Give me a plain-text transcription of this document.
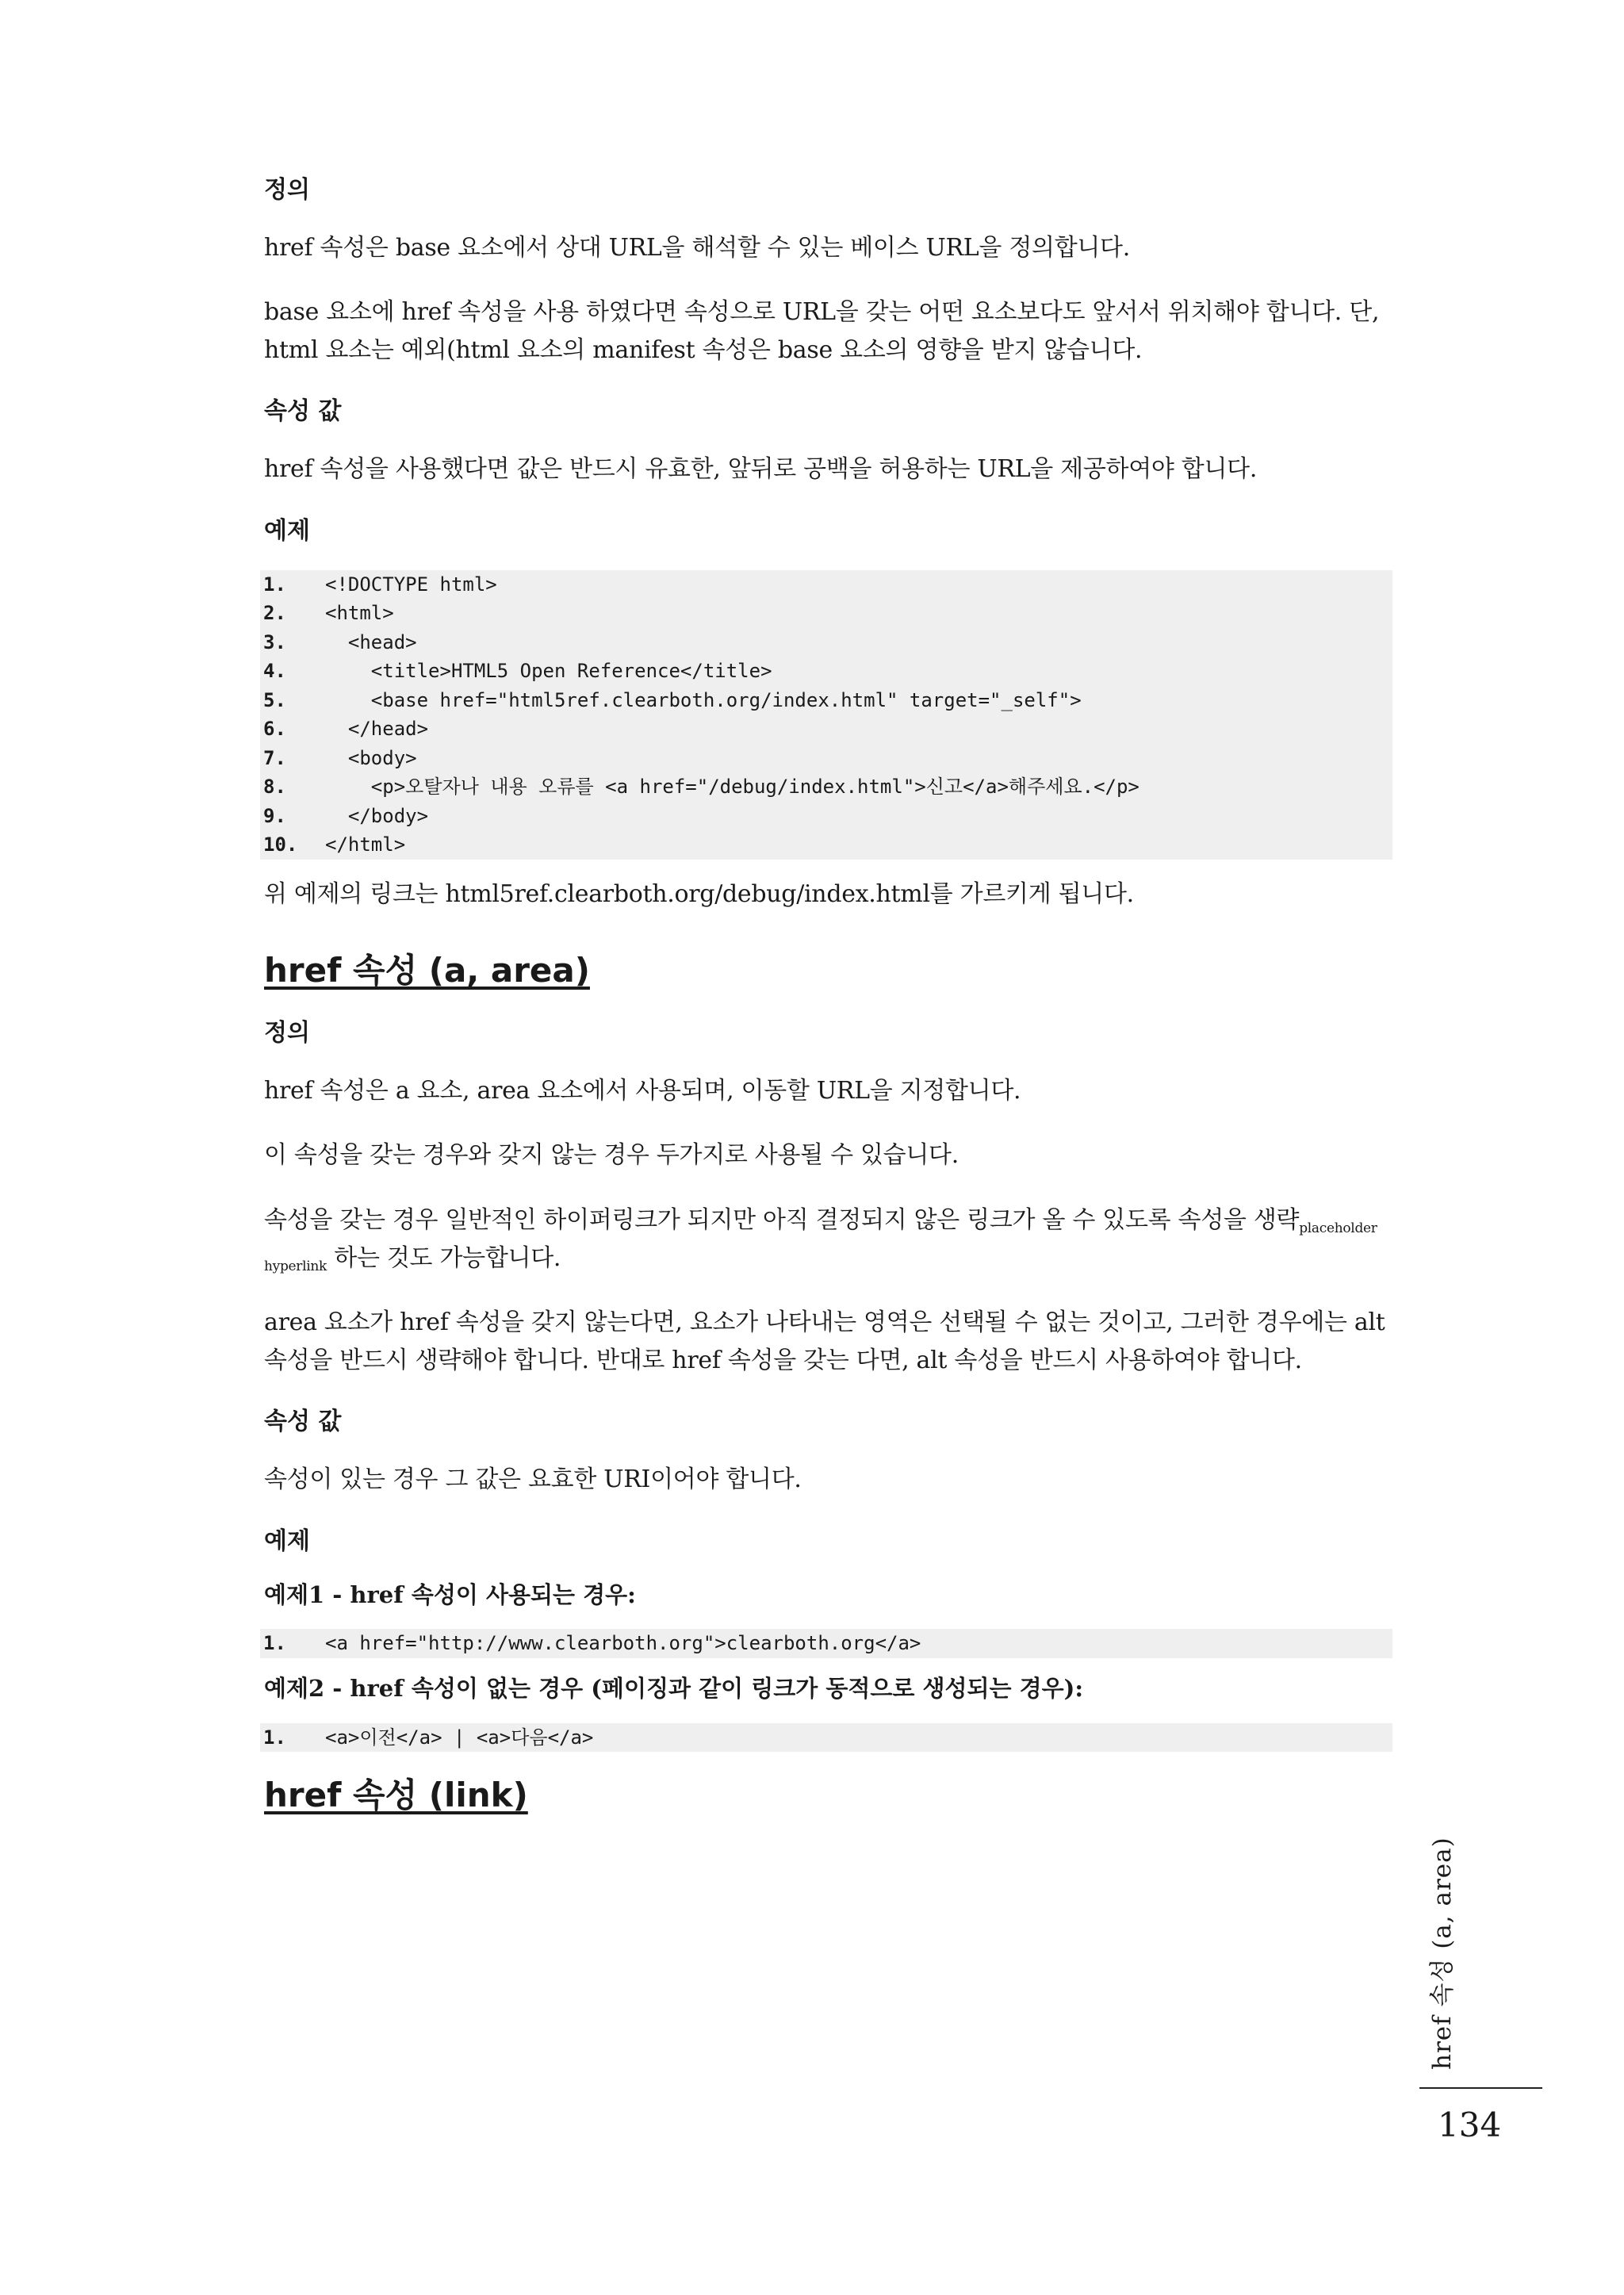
정의

href 속성은 base 요소에서 상대 URL을 해석할 수 있는 베이스 URL을 정의합니다.

base 요소에 href 속성을 사용 하였다면 속성으로 URL을 갖는 어떤 요소보다도 앞서서 위치해야 합니다. 단, html 요소는 예외(html 요소의 manifest 속성은 base 요소의 영향을 받지 않습니다.

속성 값

href 속성을 사용했다면 값은 반드시 유효한, 앞뒤로 공백을 허용하는 URL을 제공하여야 합니다.

예제
1.	<!DOCTYPE html>
2.	<html>
3.	<head>
4.	<title>HTML5 Open Reference</title>
5.	<base href="html5ref.clearboth.org/index.html" target="_self">
6.	</head>
7.	<body>
8.	<p>오탈자나 내용 오류를 <a href="/debug/index.html">신고</a>해주세요.</p>
9.	</body>
10.	</html>

위 예제의 링크는 html5ref.clearboth.org/debug/index.html를 가르키게 됩니다.

href 속성 (a, area)
정의

href 속성은 a 요소, area 요소에서 사용되며, 이동할 URL을 지정합니다.

이 속성을 갖는 경우와 갖지 않는 경우 두가지로 사용될 수 있습니다.

속성을 갖는 경우 일반적인 하이퍼링크가 되지만 아직 결정되지 않은 링크가 올 수 있도록 속성을 생략$_{placeholder hyperlink}$ 하는 것도 가능합니다.

area 요소가 href 속성을 갖지 않는다면, 요소가 나타내는 영역은 선택될 수 없는 것이고, 그러한 경우에는 alt 속성을 반드시 생략해야 합니다. 반대로 href 속성을 갖는 다면, alt 속성을 반드시 사용하여야 합니다.

속성 값

속성이 있는 경우 그 값은 요효한 URI이어야 합니다.

예제
예제1 - href 속성이 사용되는 경우:
1.	<a href="http://www.clearboth.org">clearboth.org</a>
예제2 - href 속성이 없는 경우 (페이징과 같이 링크가 동적으로 생성되는 경우):
1.	<a>이전</a> | <a>다음</a>
href 속성 (link)
href 속성 (a, area)
134
